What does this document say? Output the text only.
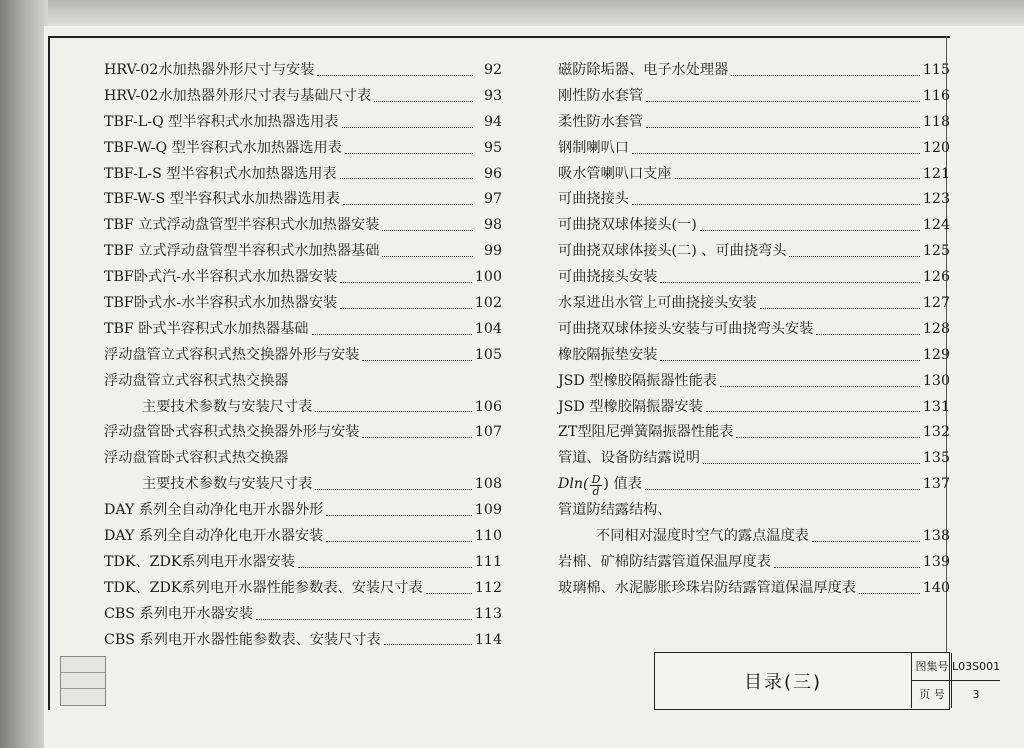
HRV-02水加热器外形尺寸与安装	92
HRV-02水加热器外形尺寸表与基础尺寸表	93
TBF-L-Q 型半容积式水加热器选用表	94
TBF-W-Q 型半容积式水加热器选用表	95
TBF-L-S 型半容积式水加热器选用表	96
TBF-W-S 型半容积式水加热器选用表	97
TBF 立式浮动盘管型半容积式水加热器安装	98
TBF 立式浮动盘管型半容积式水加热器基础	99
TBF卧式汽-水半容积式水加热器安装	100
TBF卧式水-水半容积式水加热器安装	102
TBF 卧式半容积式水加热器基础	104
浮动盘管立式容积式热交换器外形与安装	105
浮动盘管立式容积式热交换器
主要技术参数与安装尺寸表	106
浮动盘管卧式容积式热交换器外形与安装	107
浮动盘管卧式容积式热交换器
主要技术参数与安装尺寸表	108
DAY 系列全自动净化电开水器外形	109
DAY 系列全自动净化电开水器安装	110
TDK、ZDK系列电开水器安装	111
TDK、ZDK系列电开水器性能参数表、安装尺寸表	112
CBS 系列电开水器安装	113
CBS 系列电开水器性能参数表、安装尺寸表	114
磁防除垢器、电子水处理器	115
刚性防水套管	116
柔性防水套管	118
钢制喇叭口	120
吸水管喇叭口支座	121
可曲挠接头	123
可曲挠双球体接头(一)	124
可曲挠双球体接头(二) 、可曲挠弯头	125
可曲挠接头安装	126
水泵进出水管上可曲挠接头安装	127
可曲挠双球体接头安装与可曲挠弯头安装	128
橡胶隔振垫安装	129
JSD 型橡胶隔振器性能表	130
JSD 型橡胶隔振器安装	131
ZT型阻尼弹簧隔振器性能表	132
管道、设备防结露说明	135
$Dln( \frac{D}{d}$ ) 值表	137
管道防结露结构、
不同相对湿度时空气的露点温度表	138
岩棉、矿棉防结露管道保温厚度表	139
玻璃棉、水泥膨胀珍珠岩防结露管道保温厚度表	140
目录(三)
图集号 L03S001
页 号	3
